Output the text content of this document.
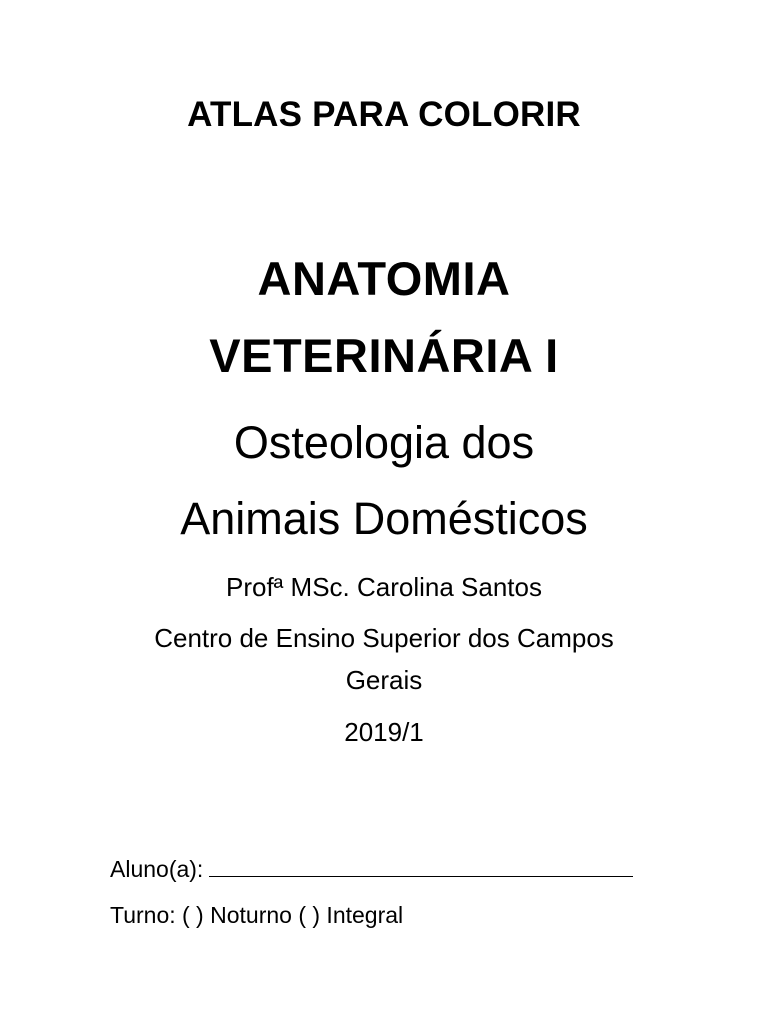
ATLAS PARA COLORIR
ANATOMIA
VETERINÁRIA I
Osteologia dos
Animais Domésticos
Profª MSc. Carolina Santos
Centro de Ensino Superior dos Campos
Gerais
2019/1
Aluno(a):
Turno: ( ) Noturno ( ) Integral
